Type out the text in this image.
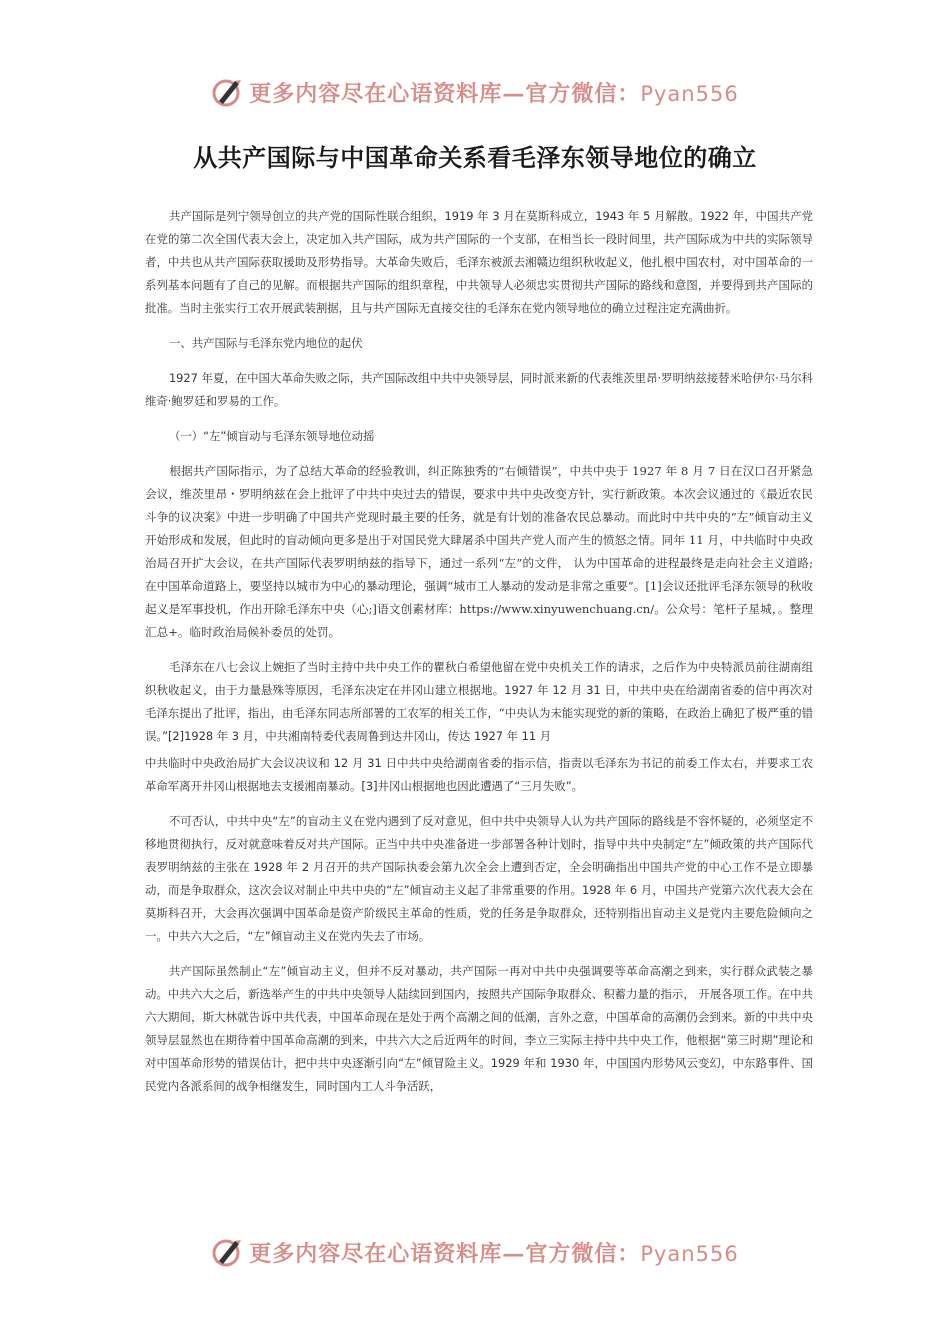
更多内容尽在心语资料库—官方微信：Pyan556
从共产国际与中国革命关系看毛泽东领导地位的确立

共产国际是列宁领导创立的共产党的国际性联合组织，1919 年 3 月在莫斯科成立，1943 年 5 月解散。1922 年，中国共产党在党的第二次全国代表大会上，决定加入共产国际，成为共产国际的一个支部，在相当长一段时间里，共产国际成为中共的实际领导者，中共也从共产国际获取援助及形势指导。大革命失败后，毛泽东被派去湘赣边组织秋收起义，他扎根中国农村，对中国革命的一系列基本问题有了自己的见解。而根据共产国际的组织章程，中共领导人必须忠实贯彻共产国际的路线和意图，并要得到共产国际的批准。当时主张实行工农开展武装割据，且与共产国际无直接交往的毛泽东在党内领导地位的确立过程注定充满曲折。

一、共产国际与毛泽东党内地位的起伏

1927 年夏，在中国大革命失败之际，共产国际改组中共中央领导层，同时派来新的代表维茨里昂·罗明纳兹接替米哈伊尔·马尔科维奇·鲍罗廷和罗易的工作。

（一）“左”倾盲动与毛泽东领导地位动摇

根据共产国际指示，为了总结大革命的经验教训，纠正陈独秀的“右倾错误”，中共中央于 1927 年 8 月 7 日在汉口召开紧急会议，维茨里昂・罗明纳兹在会上批评了中共中央过去的错误，要求中共中央改变方针，实行新政策。本次会议通过的《最近农民斗争的议决案》中进一步明确了中国共产党现时最主要的任务，就是有计划的准备农民总暴动。而此时中共中央的“左”倾盲动主义开始形成和发展，但此时的盲动倾向更多是出于对国民党大肆屠杀中国共产党人而产生的愤怒之情。同年 11 月，中共临时中央政治局召开扩大会议，在共产国际代表罗明纳兹的指导下，通过一系列“左”的文件， 认为中国革命的进程最终是走向社会主义道路;在中国革命道路上，要坚持以城市为中心的暴动理论，强调“城市工人暴动的发动是非常之重要”。[1]会议还批评毛泽东领导的秋收起义是军事投机，作出开除毛泽东中央（心;]语文创素材库：https://www.xinyuwenchuang.cn/。公众号：笔杆子星城，。整理汇总+。临时政治局候补委员的处罚。

毛泽东在八七会议上婉拒了当时主持中共中央工作的瞿秋白希望他留在党中央机关工作的请求，之后作为中央特派员前往湖南组织秋收起义，由于力量悬殊等原因，毛泽东决定在井冈山建立根据地。1927 年 12 月 31 日，中共中央在给湖南省委的信中再次对毛泽东提出了批评，指出，由毛泽东同志所部署的工农军的相关工作，“中央认为未能实现党的新的策略，在政治上确犯了极严重的错误。”[2]1928 年 3 月，中共湘南特委代表周鲁到达井冈山，传达 1927 年 11 月

中共临时中央政治局扩大会议决议和 12 月 31 日中共中央给湖南省委的指示信，指责以毛泽东为书记的前委工作太右，并要求工农革命军离开井冈山根据地去支援湘南暴动。[3]井冈山根据地也因此遭遇了“三月失败”。

不可否认，中共中央“左”的盲动主义在党内遇到了反对意见，但中共中央领导人认为共产国际的路线是不容怀疑的，必须坚定不移地贯彻执行，反对就意味着反对共产国际。正当中共中央准备进一步部署各种计划时，指导中共中央制定“左”倾政策的共产国际代表罗明纳兹的主张在 1928 年 2 月召开的共产国际执委会第九次全会上遭到否定，全会明确指出中国共产党的中心工作不是立即暴动，而是争取群众，这次会议对制止中共中央的“左”倾盲动主义起了非常重要的作用。1928 年 6 月，中国共产党第六次代表大会在莫斯科召开，大会再次强调中国革命是资产阶级民主革命的性质，党的任务是争取群众，还特别指出盲动主义是党内主要危险倾向之一。中共六大之后，“左”倾盲动主义在党内失去了市场。

共产国际虽然制止“左”倾盲动主义，但并不反对暴动，共产国际一再对中共中央强调要等革命高潮之到来，实行群众武装之暴动。中共六大之后，新选举产生的中共中央领导人陆续回到国内，按照共产国际争取群众、积蓄力量的指示， 开展各项工作。在中共六大期间，斯大林就告诉中共代表，中国革命现在是处于两个高潮之间的低潮，言外之意，中国革命的高潮仍会到来。新的中共中央领导层显然也在期待着中国革命高潮的到来，中共六大之后近两年的时间，李立三实际主持中共中央工作，他根据“第三时期”理论和对中国革命形势的错误估计，把中共中央逐渐引向“左”倾冒险主义。1929 年和 1930 年，中国国内形势风云变幻，中东路事件、国民党内各派系间的战争相继发生，同时国内工人斗争活跃，

更多内容尽在心语资料库—官方微信：Pyan556
